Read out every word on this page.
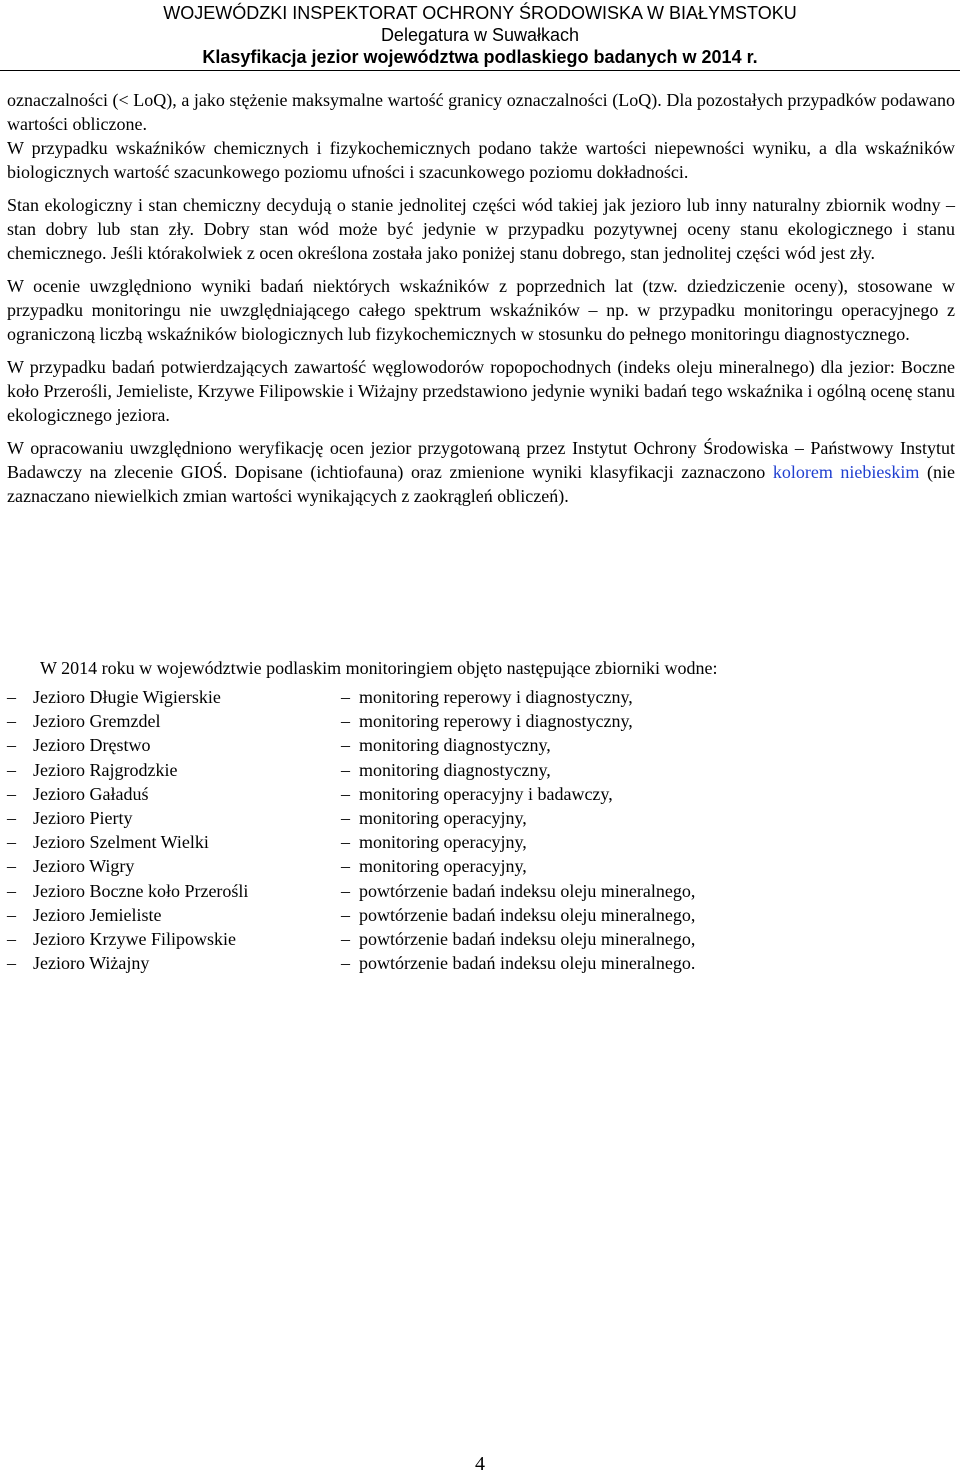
WOJEWÓDZKI INSPEKTORAT OCHRONY ŚRODOWISKA W BIAŁYMSTOKU
Delegatura w Suwałkach
Klasyfikacja jezior województwa podlaskiego badanych w 2014 r.

oznaczalności (< LoQ), a jako stężenie maksymalne wartość granicy oznaczalności (LoQ). Dla pozostałych przypadków podawano wartości obliczone.

W przypadku wskaźników chemicznych i fizykochemicznych podano także wartości niepewności wyniku, a dla wskaźników biologicznych wartość szacunkowego poziomu ufności i szacunkowego poziomu dokładności.

Stan ekologiczny i stan chemiczny decydują o stanie jednolitej części wód takiej jak jezioro lub inny naturalny zbiornik wodny – stan dobry lub stan zły. Dobry stan wód może być jedynie w przypadku pozytywnej oceny stanu ekologicznego i stanu chemicznego. Jeśli którakolwiek z ocen określona została jako poniżej stanu dobrego, stan jednolitej części wód jest zły.

W ocenie uwzględniono wyniki badań niektórych wskaźników z poprzednich lat (tzw. dziedziczenie oceny), stosowane w przypadku monitoringu nie uwzględniającego całego spektrum wskaźników – np. w przypadku monitoringu operacyjnego z ograniczoną liczbą wskaźników biologicznych lub fizykochemicznych w stosunku do pełnego monitoringu diagnostycznego.

W przypadku badań potwierdzających zawartość węglowodorów ropopochodnych (indeks oleju mineralnego) dla jezior: Boczne koło Przerośli, Jemieliste, Krzywe Filipowskie i Wiżajny przedstawiono jedynie wyniki badań tego wskaźnika i ogólną ocenę stanu ekologicznego jeziora.

W opracowaniu uwzględniono weryfikację ocen jezior przygotowaną przez Instytut Ochrony Środowiska – Państwowy Instytut Badawczy na zlecenie GIOŚ. Dopisane (ichtiofauna) oraz zmienione wyniki klasyfikacji zaznaczono kolorem niebieskim (nie zaznaczano niewielkich zmian wartości wynikających z zaokrągleń obliczeń).

W 2014 roku w województwie podlaskim monitoringiem objęto następujące zbiorniki wodne:
– Jezioro Długie Wigierskie	– monitoring reperowy i diagnostyczny,
– Jezioro Gremzdel	– monitoring reperowy i diagnostyczny,
– Jezioro Dręstwo	– monitoring diagnostyczny,
– Jezioro Rajgrodzkie	– monitoring diagnostyczny,
– Jezioro Gaładuś	– monitoring operacyjny i badawczy,
– Jezioro Pierty	– monitoring operacyjny,
– Jezioro Szelment Wielki	– monitoring operacyjny,
– Jezioro Wigry	– monitoring operacyjny,
– Jezioro Boczne koło Przerośli	– powtórzenie badań indeksu oleju mineralnego,
– Jezioro Jemieliste	– powtórzenie badań indeksu oleju mineralnego,
– Jezioro Krzywe Filipowskie	– powtórzenie badań indeksu oleju mineralnego,
– Jezioro Wiżajny	– powtórzenie badań indeksu oleju mineralnego.
4
